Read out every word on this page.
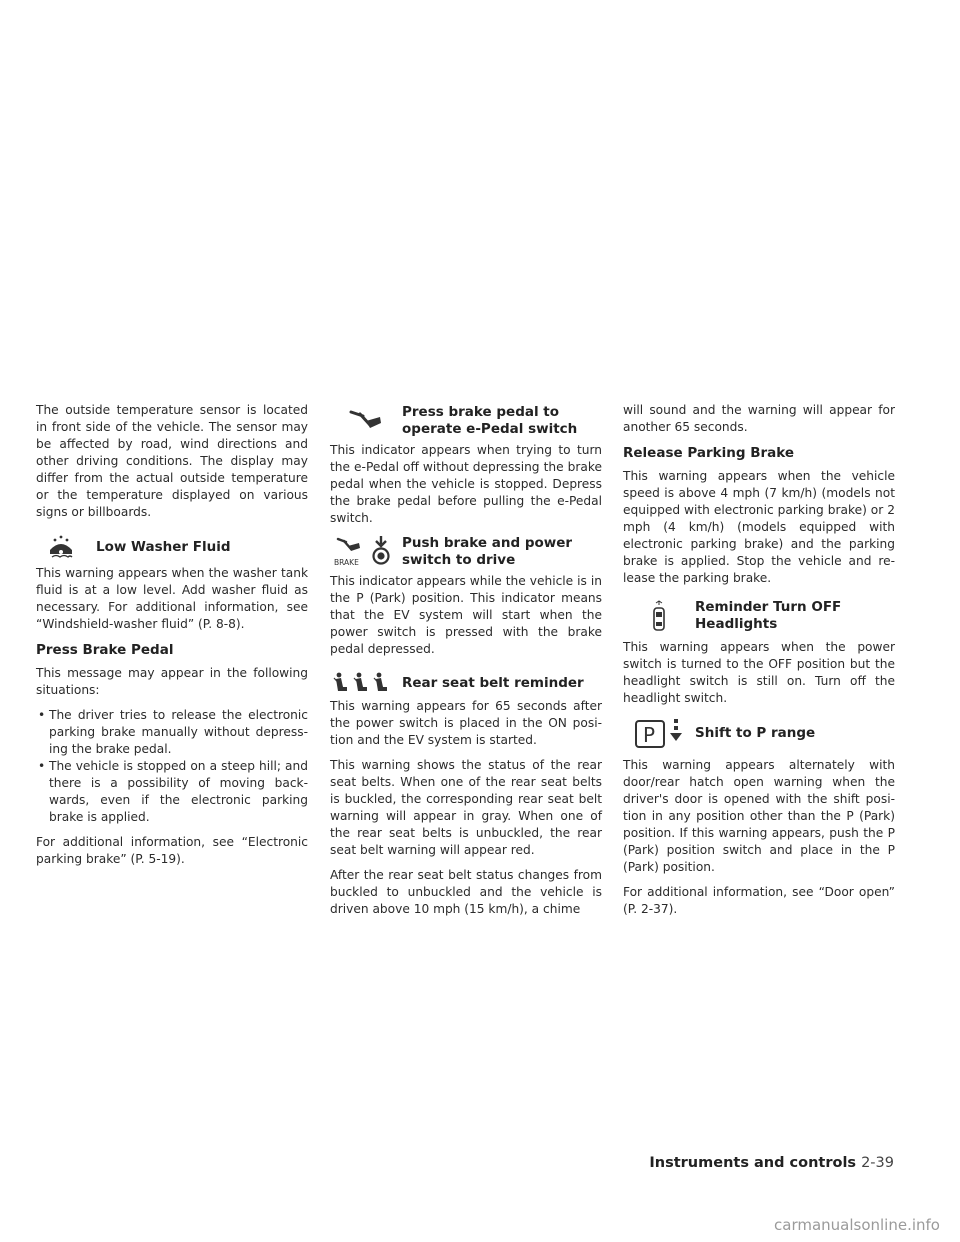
The outside temperature sensor is located in front side of the vehicle. The sensor may be affected by road, wind directions and other driving conditions. The display may differ from the actual outside temperature or the temperature displayed on various signs or billboards.

Low Washer Fluid

This warning appears when the washer tank fluid is at a low level. Add washer fluid as necessary. For additional information, see “Windshield-washer fluid” (P. 8-8).

Press Brake Pedal

This message may appear in the following situations:

• The driver tries to release the electronic parking brake manually without depress-ing the brake pedal.
• The vehicle is stopped on a steep hill; and there is a possibility of moving back-wards, even if the electronic parking brake is applied.

For additional information, see “Electronic parking brake” (P. 5-19).

Press brake pedal to
operate e-Pedal switch

This indicator appears when trying to turn the e-Pedal off without depressing the brake pedal when the vehicle is stopped. Depress the brake pedal before pulling the e-Pedal switch.

BRAKE
Push brake and power
switch to drive

This indicator appears while the vehicle is in the P (Park) position. This indicator means that the EV system will start when the power switch is pressed with the brake pedal depressed.

Rear seat belt reminder

This warning appears for 65 seconds after the power switch is placed in the ON posi-tion and the EV system is started.

This warning shows the status of the rear seat belts. When one of the rear seat belts is buckled, the corresponding rear seat belt warning will appear in gray. When one of the rear seat belts is unbuckled, the rear seat belt warning will appear red.

After the rear seat belt status changes from buckled to unbuckled and the vehicle is driven above 10 mph (15 km/h), a chime

will sound and the warning will appear for another 65 seconds.

Release Parking Brake

This warning appears when the vehicle speed is above 4 mph (7 km/h) (models not equipped with electronic parking brake) or 2 mph (4 km/h) (models equipped with electronic parking brake) and the parking brake is applied. Stop the vehicle and re-lease the parking brake.

Reminder Turn OFF
Headlights

This warning appears when the power switch is turned to the OFF position but the headlight switch is still on. Turn off the headlight switch.

P	Shift to P range

This warning appears alternately with door/rear hatch open warning when the driver's door is opened with the shift posi-tion in any position other than the P (Park) position. If this warning appears, push the P (Park) position switch and place in the P (Park) position.

For additional information, see “Door open” (P. 2-37).

Instruments and controls 2-39
carmanualsonline.info
